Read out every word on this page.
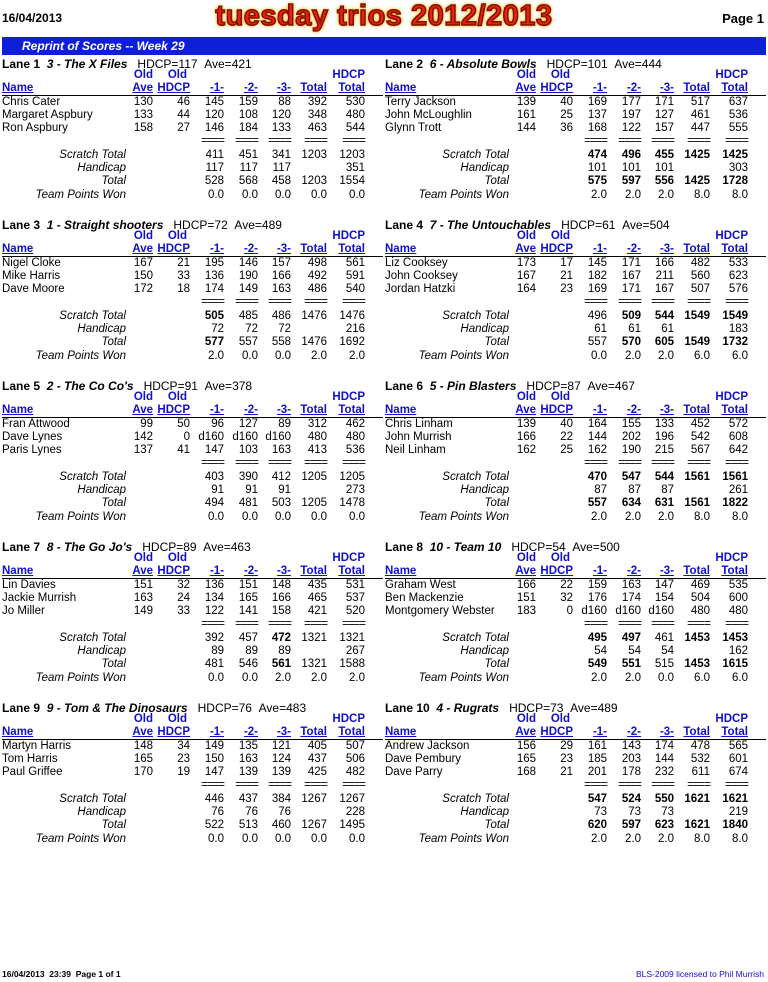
16/04/2013	tuesday trios 2012/2013	Page 1
Reprint of Scores -- Week 29
Lane 1 3 - The X Files HDCP=117 Ave=421
Old	Old	HDCP
Name	Ave HDCP	-1-	-2-	-3- Total Total
Chris Cater	130	46	145	159	88	392	530
Margaret Aspbury	133	44	120	108	120	348	480
Ron Aspbury	158	27	146	184	133	463	544
==== ==== ====	====	====
Scratch Total	411	451	341 1203	1203
Handicap	117	117	117	351
Total	528	568	458 1203	1554
Team Points Won	0.0	0.0	0.0	0.0	0.0
Lane 2 6 - Absolute Bowls HDCP=101 Ave=444
Old	Old	HDCP
Name	Ave HDCP	-1-	-2-	-3- Total Total
Terry Jackson	139	40	169	177	171	517	637
John McLoughlin	161	25	137	197	127	461	536
Glynn Trott	144	36	168	122	157	447	555
==== ==== ====	====	====
Scratch Total	474	496	455 1425	1425
Handicap	101	101	101	303
Total	575	597	556 1425	1728
Team Points Won	2.0	2.0	2.0	8.0	8.0
Lane 3 1 - Straight shooters HDCP=72 Ave=489
Old	Old	HDCP
Name	Ave HDCP	-1-	-2-	-3- Total Total
Nigel Cloke	167	21	195	146	157	498	561
Mike Harris	150	33	136	190	166	492	591
Dave Moore	172	18	174	149	163	486	540
==== ==== ====	====	====
Scratch Total	505	485	486 1476	1476
Handicap	72	72	72	216
Total	577	557	558 1476	1692
Team Points Won	2.0	0.0	0.0	2.0	2.0
Lane 4 7 - The Untouchables HDCP=61 Ave=504
Old	Old	HDCP
Name	Ave HDCP	-1-	-2-	-3- Total Total
Liz Cooksey	173	17	145	171	166	482	533
John Cooksey	167	21	182	167	211	560	623
Jordan Hatzki	164	23	169	171	167	507	576
==== ==== ====	====	====
Scratch Total	496	509	544 1549	1549
Handicap	61	61	61	183
Total	557	570	605 1549	1732
Team Points Won	0.0	2.0	2.0	6.0	6.0
Lane 5 2 - The Co Co's HDCP=91 Ave=378
Old	Old	HDCP
Name	Ave HDCP	-1-	-2-	-3- Total Total
Fran Attwood	99	50	96	127	89	312	462
Dave Lynes	142	0 d160 d160 d160	480	480
Paris Lynes	137	41	147	103	163	413	536
==== ==== ====	====	====
Scratch Total	403	390	412 1205	1205
Handicap	91	91	91	273
Total	494	481	503 1205	1478
Team Points Won	0.0	0.0	0.0	0.0	0.0
Lane 6 5 - Pin Blasters HDCP=87 Ave=467
Old	Old	HDCP
Name	Ave HDCP	-1-	-2-	-3- Total Total
Chris Linham	139	40	164	155	133	452	572
John Murrish	166	22	144	202	196	542	608
Neil Linham	162	25	162	190	215	567	642
==== ==== ====	====	====
Scratch Total	470	547	544 1561	1561
Handicap	87	87	87	261
Total	557	634	631 1561	1822
Team Points Won	2.0	2.0	2.0	8.0	8.0
Lane 7 8 - The Go Jo's HDCP=89 Ave=463
Old	Old	HDCP
Name	Ave HDCP	-1-	-2-	-3- Total Total
Lin Davies	151	32	136	151	148	435	531
Jackie Murrish	163	24	134	165	166	465	537
Jo Miller	149	33	122	141	158	421	520
==== ==== ====	====	====
Scratch Total	392	457	472 1321	1321
Handicap	89	89	89	267
Total	481	546	561 1321	1588
Team Points Won	0.0	0.0	2.0	2.0	2.0
Lane 8 10 - Team 10 HDCP=54 Ave=500
Old	Old	HDCP
Name	Ave HDCP	-1-	-2-	-3- Total Total
Graham West	166	22	159	163	147	469	535
Ben Mackenzie	151	32	176	174	154	504	600
Montgomery Webster	183	0 d160 d160 d160	480	480
==== ==== ====	====	====
Scratch Total	495	497	461 1453	1453
Handicap	54	54	54	162
Total	549	551	515 1453	1615
Team Points Won	2.0	2.0	0.0	6.0	6.0
Lane 9 9 - Tom & The Dinosaurs HDCP=76 Ave=483
Old	Old	HDCP
Name	Ave HDCP	-1-	-2-	-3- Total Total
Martyn Harris	148	34	149	135	121	405	507
Tom Harris	165	23	150	163	124	437	506
Paul Griffee	170	19	147	139	139	425	482
==== ==== ====	====	====
Scratch Total	446	437	384 1267	1267
Handicap	76	76	76	228
Total	522	513	460 1267	1495
Team Points Won	0.0	0.0	0.0	0.0	0.0
Lane 10 4 - Rugrats HDCP=73 Ave=489
Old	Old	HDCP
Name	Ave HDCP	-1-	-2-	-3- Total Total
Andrew Jackson	156	29	161	143	174	478	565
Dave Pembury	165	23	185	203	144	532	601
Dave Parry	168	21	201	178	232	611	674
==== ==== ====	====	====
Scratch Total	547	524	550 1621	1621
Handicap	73	73	73	219
Total	620	597	623 1621	1840
Team Points Won	2.0	2.0	2.0	8.0	8.0
16/04/2013  23:39  Page 1 of 1	BLS-2009 licensed to Phil Murrish
